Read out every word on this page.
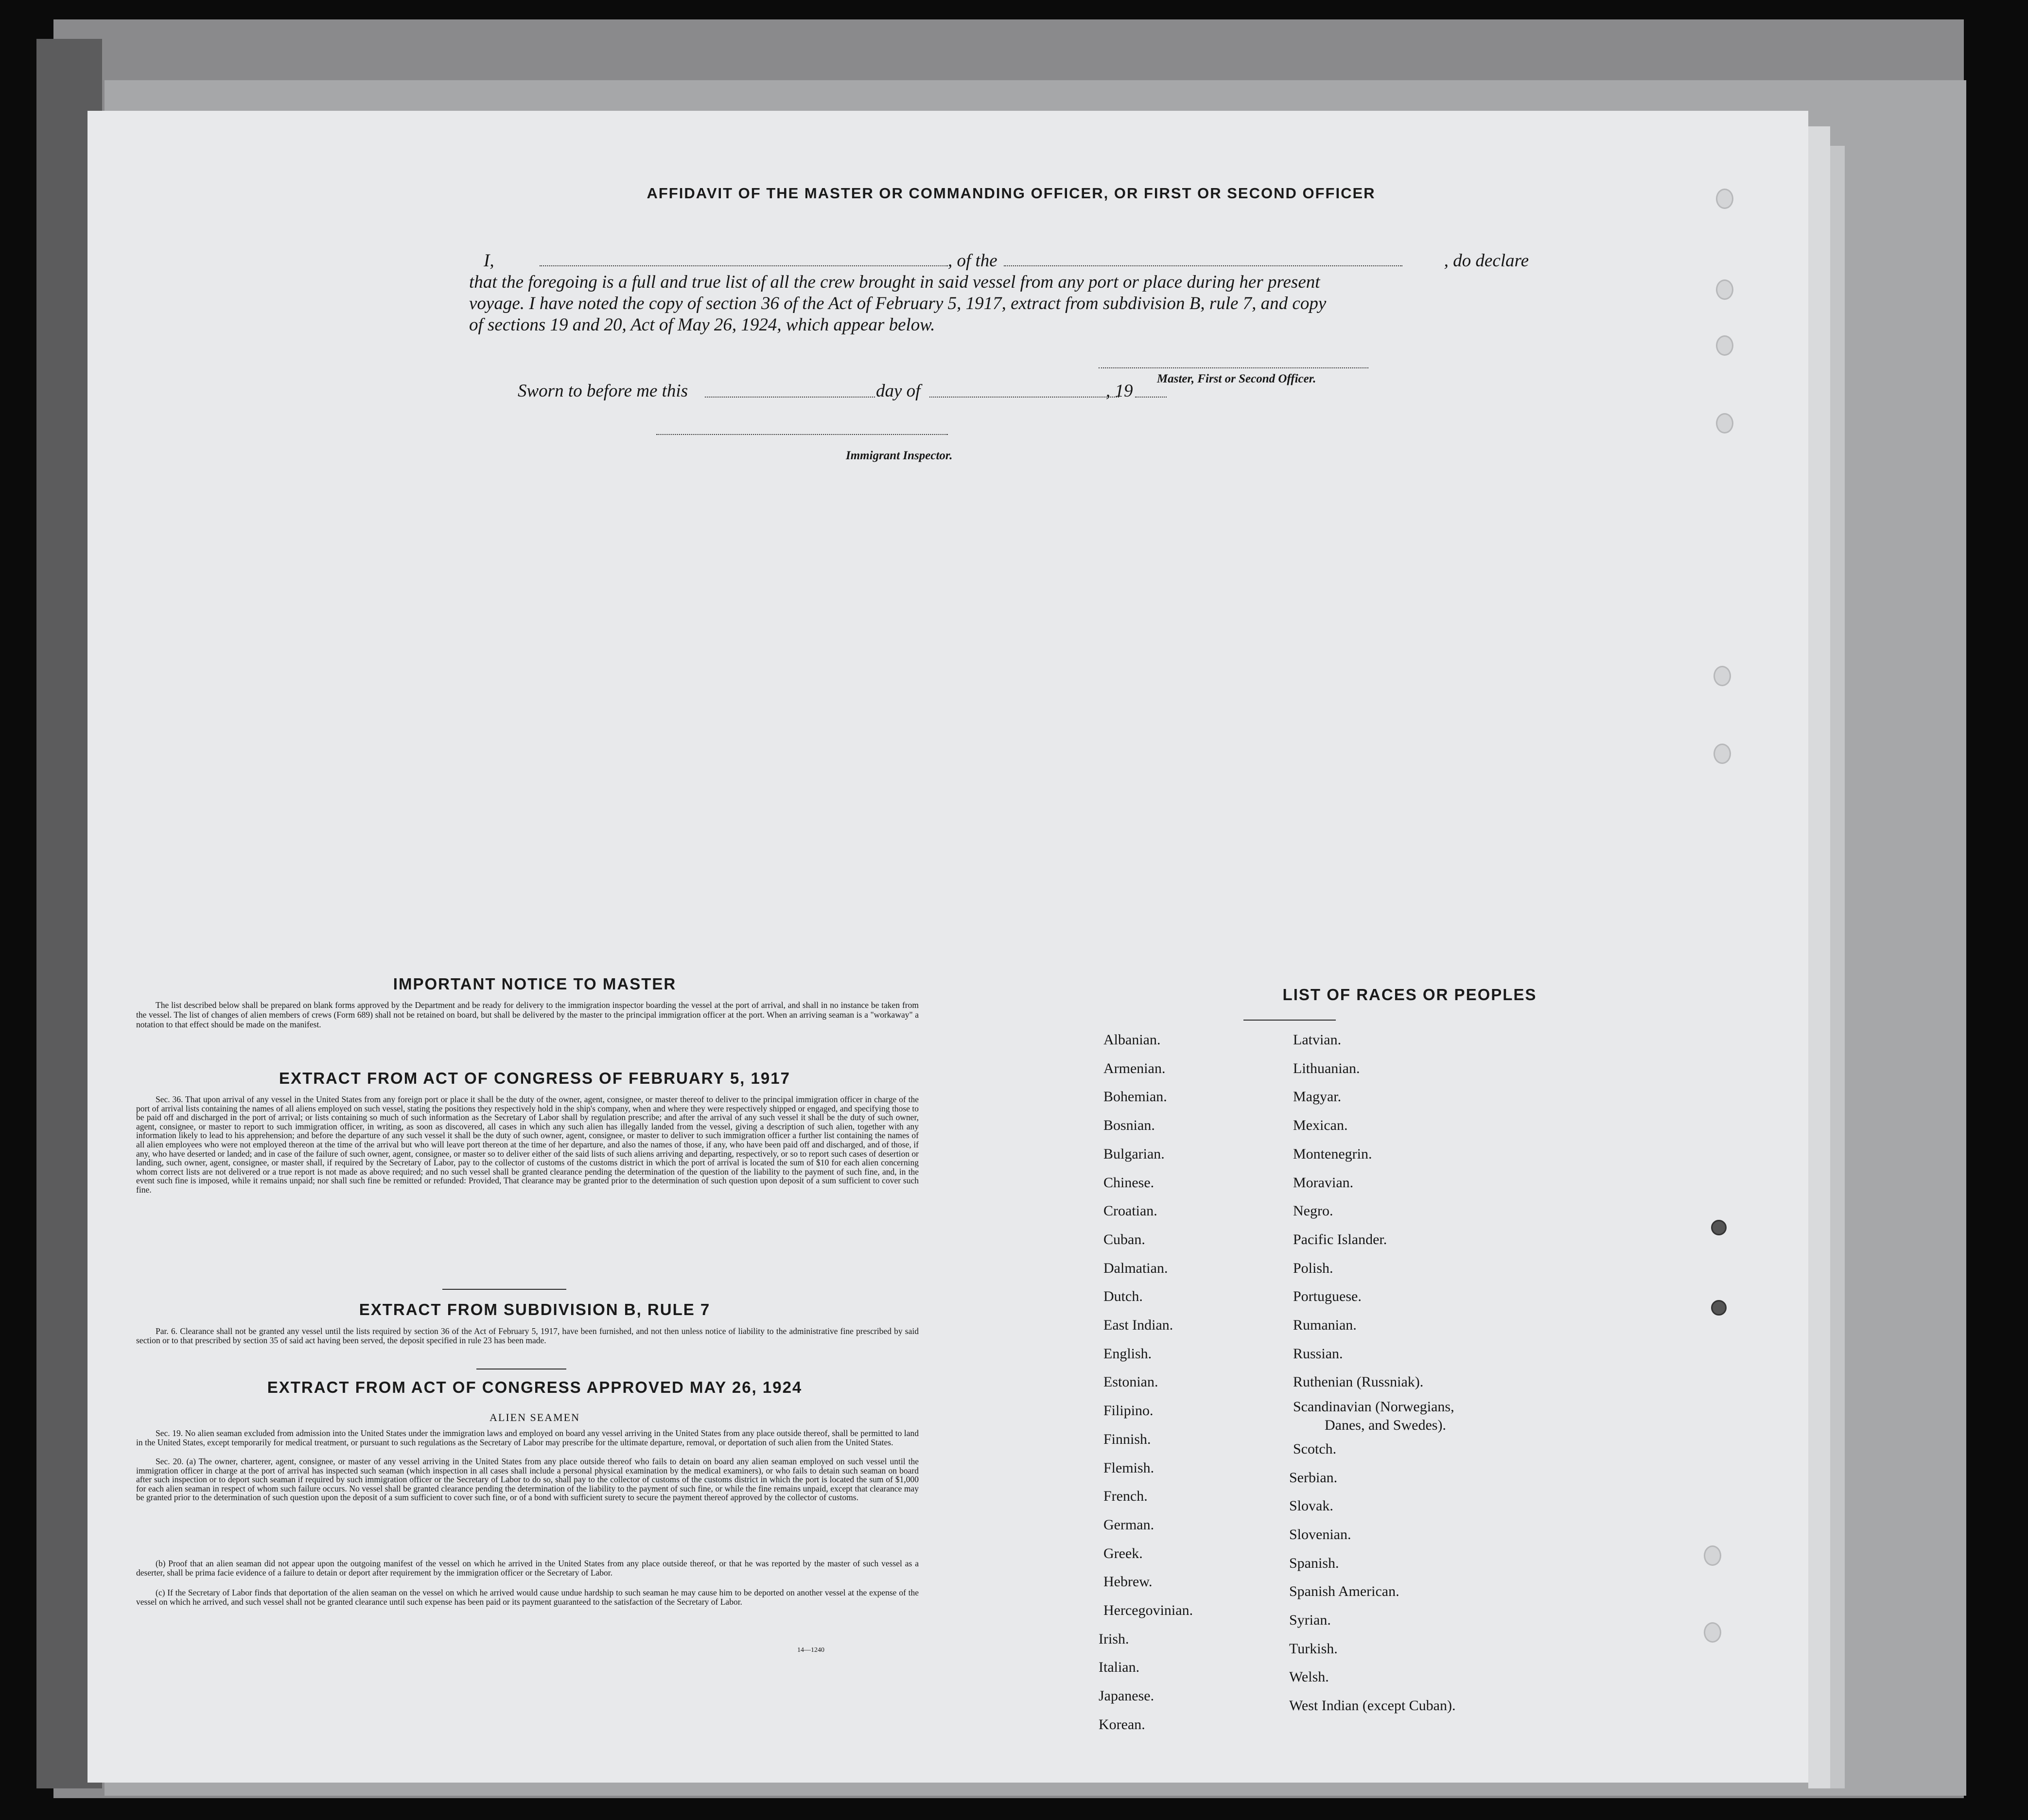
AFFIDAVIT OF THE MASTER OR COMMANDING OFFICER, OR FIRST OR SECOND OFFICER
I,	, of the	, do declare
that the foregoing is a full and true list of all the crew brought in said vessel from any port or place during her present
voyage. I have noted the copy of section 36 of the Act of February 5, 1917, extract from subdivision B, rule 7, and copy
of sections 19 and 20, Act of May 26, 1924, which appear below.
Master, First or Second Officer.
Sworn to before me this	day of	, 19
Immigrant Inspector.
IMPORTANT NOTICE TO MASTER
The list described below shall be prepared on blank forms approved by the Department and be ready for delivery to the immigration inspector boarding the vessel at the port of arrival, and shall in no instance be taken from the vessel. The list of changes of alien members of crews (Form 689) shall not be retained on board, but shall be delivered by the master to the principal immigration officer at the port. When an arriving seaman is a "workaway" a notation to that effect should be made on the manifest.
EXTRACT FROM ACT OF CONGRESS OF FEBRUARY 5, 1917
Sec. 36. That upon arrival of any vessel in the United States from any foreign port or place it shall be the duty of the owner, agent, consignee, or master thereof to deliver to the principal immigration officer in charge of the port of arrival lists containing the names of all aliens employed on such vessel, stating the positions they respectively hold in the ship's company, when and where they were respectively shipped or engaged, and specifying those to be paid off and discharged in the port of arrival; or lists containing so much of such information as the Secretary of Labor shall by regulation prescribe; and after the arrival of any such vessel it shall be the duty of such owner, agent, consignee, or master to report to such immigration officer, in writing, as soon as discovered, all cases in which any such alien has illegally landed from the vessel, giving a description of such alien, together with any information likely to lead to his apprehension; and before the departure of any such vessel it shall be the duty of such owner, agent, consignee, or master to deliver to such immigration officer a further list containing the names of all alien employees who were not employed thereon at the time of the arrival but who will leave port thereon at the time of her departure, and also the names of those, if any, who have been paid off and discharged, and of those, if any, who have deserted or landed; and in case of the failure of such owner, agent, consignee, or master so to deliver either of the said lists of such aliens arriving and departing, respectively, or so to report such cases of desertion or landing, such owner, agent, consignee, or master shall, if required by the Secretary of Labor, pay to the collector of customs of the customs district in which the port of arrival is located the sum of $10 for each alien concerning whom correct lists are not delivered or a true report is not made as above required; and no such vessel shall be granted clearance pending the determination of the question of the liability to the payment of such fine, and, in the event such fine is imposed, while it remains unpaid; nor shall such fine be remitted or refunded: Provided, That clearance may be granted prior to the determination of such question upon deposit of a sum sufficient to cover such fine.
EXTRACT FROM SUBDIVISION B, RULE 7
Par. 6. Clearance shall not be granted any vessel until the lists required by section 36 of the Act of February 5, 1917, have been furnished, and not then unless notice of liability to the administrative fine prescribed by said section or to that prescribed by section 35 of said act having been served, the deposit specified in rule 23 has been made.
EXTRACT FROM ACT OF CONGRESS APPROVED MAY 26, 1924
ALIEN SEAMEN
Sec. 19. No alien seaman excluded from admission into the United States under the immigration laws and employed on board any vessel arriving in the United States from any place outside thereof, shall be permitted to land in the United States, except temporarily for medical treatment, or pursuant to such regulations as the Secretary of Labor may prescribe for the ultimate departure, removal, or deportation of such alien from the United States.
Sec. 20. (a) The owner, charterer, agent, consignee, or master of any vessel arriving in the United States from any place outside thereof who fails to detain on board any alien seaman employed on such vessel until the immigration officer in charge at the port of arrival has inspected such seaman (which inspection in all cases shall include a personal physical examination by the medical examiners), or who fails to detain such seaman on board after such inspection or to deport such seaman if required by such immigration officer or the Secretary of Labor to do so, shall pay to the collector of customs of the customs district in which the port is located the sum of $1,000 for each alien seaman in respect of whom such failure occurs. No vessel shall be granted clearance pending the determination of the liability to the payment of such fine, or while the fine remains unpaid, except that clearance may be granted prior to the determination of such question upon the deposit of a sum sufficient to cover such fine, or of a bond with sufficient surety to secure the payment thereof approved by the collector of customs.
(b) Proof that an alien seaman did not appear upon the outgoing manifest of the vessel on which he arrived in the United States from any place outside thereof, or that he was reported by the master of such vessel as a deserter, shall be prima facie evidence of a failure to detain or deport after requirement by the immigration officer or the Secretary of Labor.
(c) If the Secretary of Labor finds that deportation of the alien seaman on the vessel on which he arrived would cause undue hardship to such seaman he may cause him to be deported on another vessel at the expense of the vessel on which he arrived, and such vessel shall not be granted clearance until such expense has been paid or its payment guaranteed to the satisfaction of the Secretary of Labor.
14—1240
LIST OF RACES OR PEOPLES
Albanian.
Armenian.
Bohemian.
Bosnian.
Bulgarian.
Chinese.
Croatian.
Cuban.
Dalmatian.
Dutch.
East Indian.
English.
Estonian.
Filipino.
Finnish.
Flemish.
French.
German.
Greek.
Hebrew.
Hercegovinian.
Irish.
Italian.
Japanese.
Korean.
Latvian.
Lithuanian.
Magyar.
Mexican.
Montenegrin.
Moravian.
Negro.
Pacific Islander.
Polish.
Portuguese.
Rumanian.
Russian.
Ruthenian (Russniak).
Scandinavian (Norwegians,
Danes, and Swedes).
Scotch.
Serbian.
Slovak.
Slovenian.
Spanish.
Spanish American.
Syrian.
Turkish.
Welsh.
West Indian (except Cuban).
